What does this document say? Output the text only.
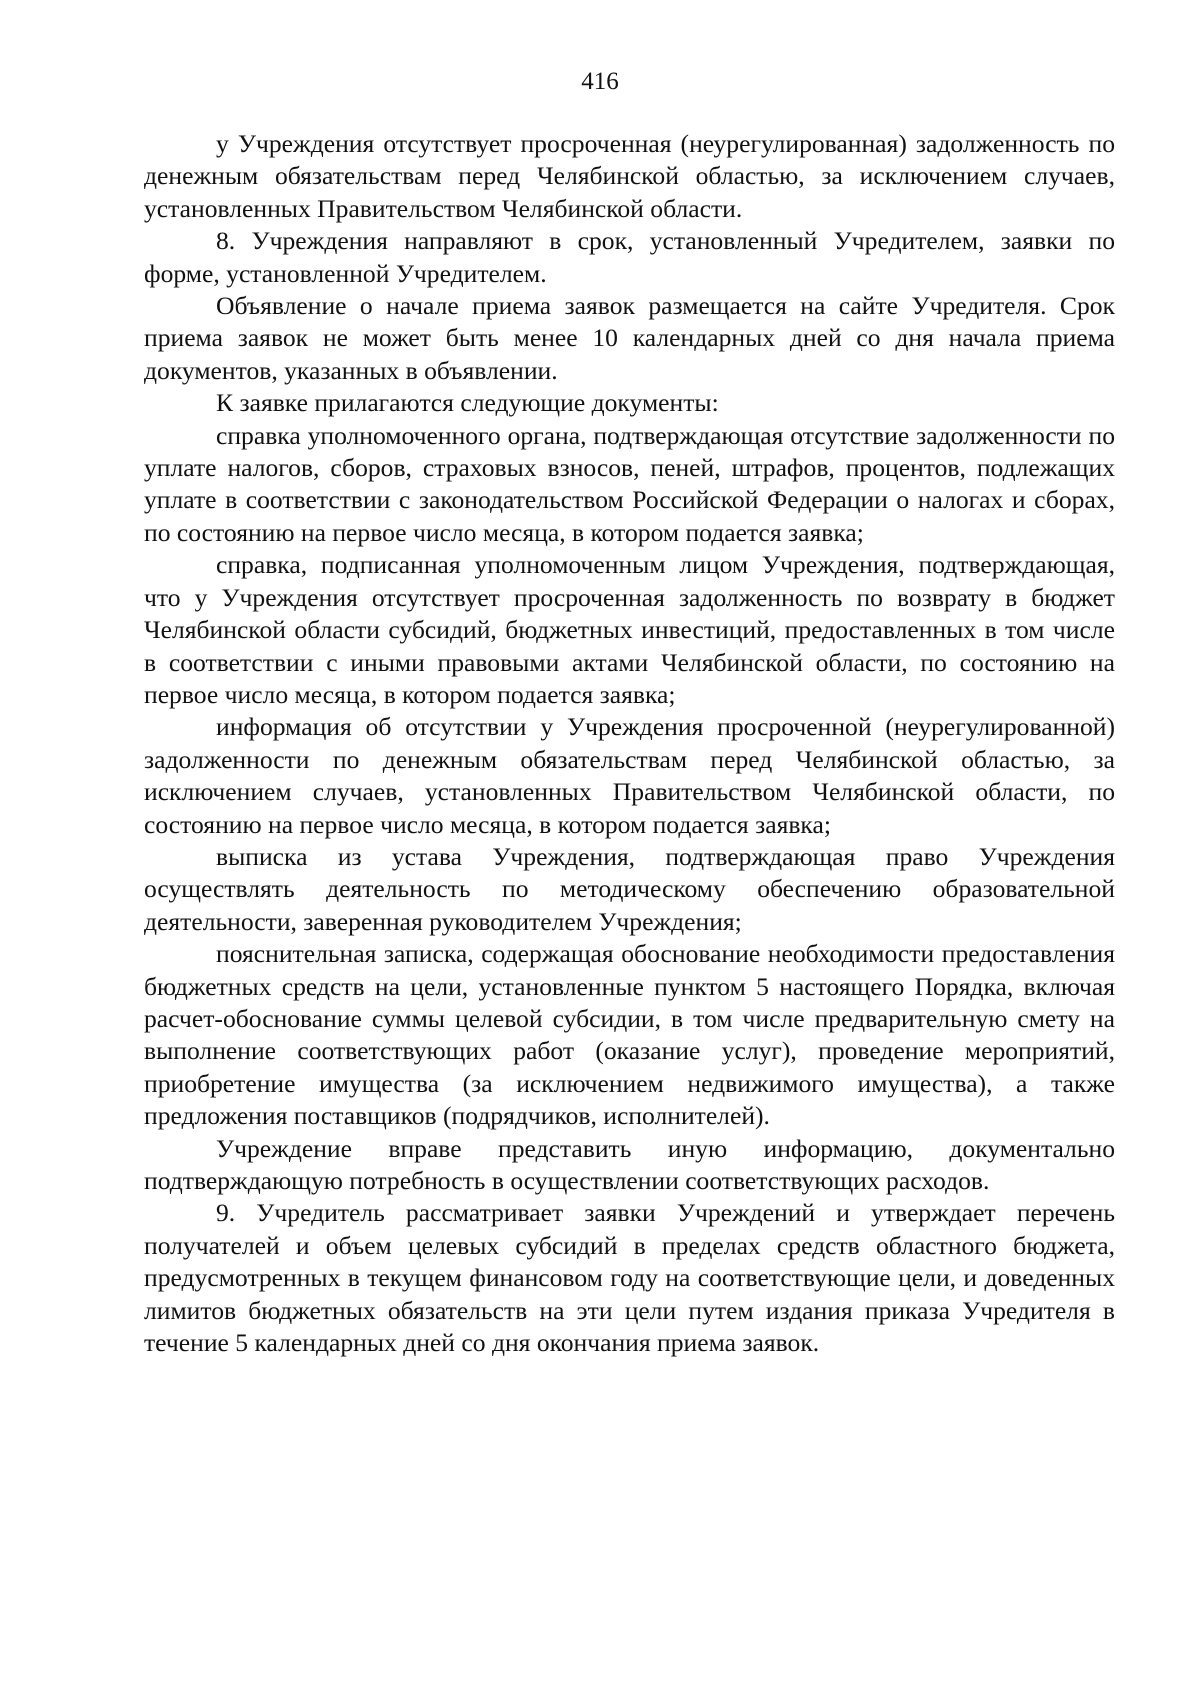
416

у Учреждения отсутствует просроченная (неурегулированная) задолженность по денежным обязательствам перед Челябинской областью, за исключением случаев, установленных Правительством Челябинской области.

8. Учреждения направляют в срок, установленный Учредителем, заявки по форме, установленной Учредителем.

Объявление о начале приема заявок размещается на сайте Учредителя. Срок приема заявок не может быть менее 10 календарных дней со дня начала приема документов, указанных в объявлении.

К заявке прилагаются следующие документы:

справка уполномоченного органа, подтверждающая отсутствие задолженности по уплате налогов, сборов, страховых взносов, пеней, штрафов, процентов, подлежащих уплате в соответствии с законодательством Российской Федерации о налогах и сборах, по состоянию на первое число месяца, в котором подается заявка;

справка, подписанная уполномоченным лицом Учреждения, подтверждающая, что у Учреждения отсутствует просроченная задолженность по возврату в бюджет Челябинской области субсидий, бюджетных инвестиций, предоставленных в том числе в соответствии с иными правовыми актами Челябинской области, по состоянию на первое число месяца, в котором подается заявка;

информация об отсутствии у Учреждения просроченной (неурегулированной) задолженности по денежным обязательствам перед Челябинской областью, за исключением случаев, установленных Правительством Челябинской области, по состоянию на первое число месяца, в котором подается заявка;

выписка из устава Учреждения, подтверждающая право Учреждения осуществлять деятельность по методическому обеспечению образовательной деятельности, заверенная руководителем Учреждения;

пояснительная записка, содержащая обоснование необходимости предоставления бюджетных средств на цели, установленные пунктом 5 настоящего Порядка, включая расчет-обоснование суммы целевой субсидии, в том числе предварительную смету на выполнение соответствующих работ (оказание услуг), проведение мероприятий, приобретение имущества (за исключением недвижимого имущества), а также предложения поставщиков (подрядчиков, исполнителей).

Учреждение вправе представить иную информацию, документально подтверждающую потребность в осуществлении соответствующих расходов.

9. Учредитель рассматривает заявки Учреждений и утверждает перечень получателей и объем целевых субсидий в пределах средств областного бюджета, предусмотренных в текущем финансовом году на соответствующие цели, и доведенных лимитов бюджетных обязательств на эти цели путем издания приказа Учредителя в течение 5 календарных дней со дня окончания приема заявок.
